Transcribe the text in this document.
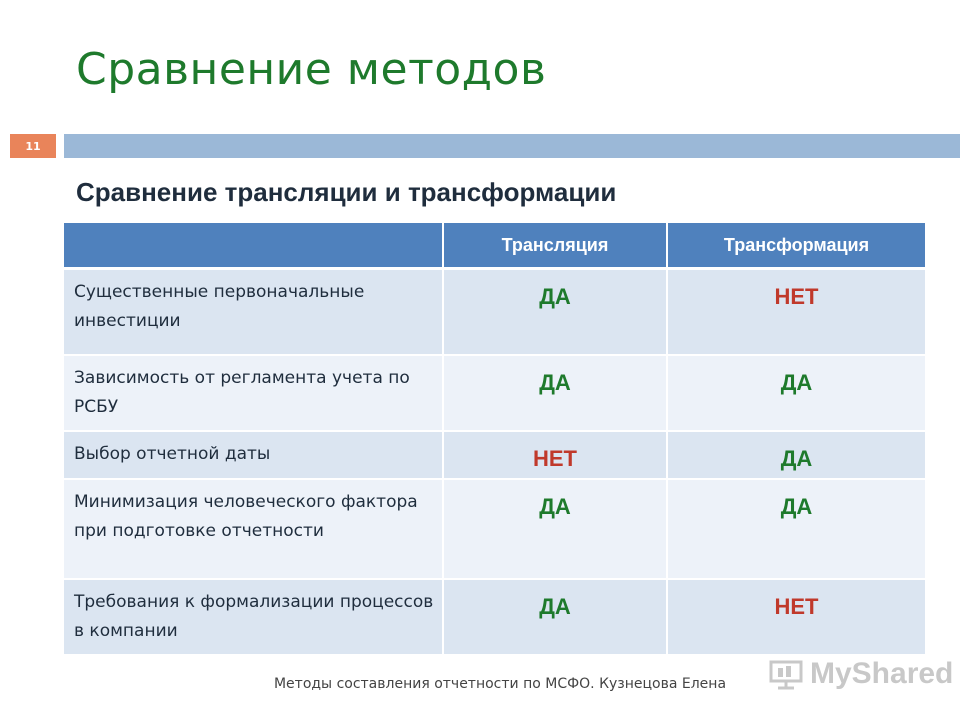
Сравнение методов
11
Сравнение трансляции и трансформации
	Трансляция	Трансформация
Существенные первоначальные инвестиции	ДА	НЕТ
Зависимость от регламента учета по РСБУ	ДА	ДА
Выбор отчетной даты	НЕТ	ДА
Минимизация человеческого фактора при подготовке отчетности	ДА	ДА
Требования к формализации процессов в компании	ДА	НЕТ
Методы составления отчетности по МСФО. Кузнецова Елена	MyShared
